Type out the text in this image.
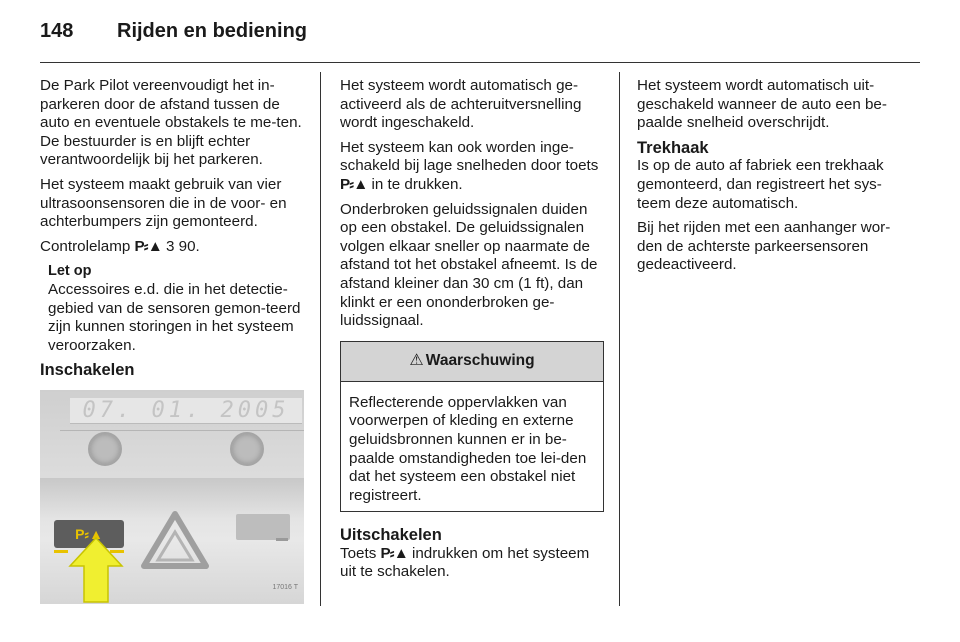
148	Rijden en bediening

De Park Pilot vereenvoudigt het in-parkeren door de afstand tussen de auto en eventuele obstakels te me-ten. De bestuurder is en blijft echter verantwoordelijk bij het parkeren.

Het systeem maakt gebruik van vier ultrasoonsensoren die in de voor- en achterbumpers zijn gemonteerd.

Controlelamp P⸗▲ 3 90.

Let op
Accessoires e.d. die in het detectie-gebied van de sensoren gemon-teerd zijn kunnen storingen in het systeem veroorzaken.
Inschakelen
07. 01. 2005
P⸗▲
17016 T

Het systeem wordt automatisch ge-activeerd als de achteruitversnelling wordt ingeschakeld.

Het systeem kan ook worden inge-schakeld bij lage snelheden door toets P⸗▲ in te drukken.

Onderbroken geluidssignalen duiden op een obstakel. De geluidssignalen volgen elkaar sneller op naarmate de afstand tot het obstakel afneemt. Is de afstand kleiner dan 30 cm (1 ft), dan klinkt er een ononderbroken ge-luidssignaal.

⚠ Waarschuwing
Reflecterende oppervlakken van voorwerpen of kleding en externe geluidsbronnen kunnen er in be-paalde omstandigheden toe lei-den dat het systeem een obstakel niet registreert.
Uitschakelen

Toets P⸗▲ indrukken om het systeem uit te schakelen.

Het systeem wordt automatisch uit-geschakeld wanneer de auto een be-paalde snelheid overschrijdt.

Trekhaak

Is op de auto af fabriek een trekhaak gemonteerd, dan registreert het sys-teem deze automatisch.

Bij het rijden met een aanhanger wor-den de achterste parkeersensoren gedeactiveerd.
